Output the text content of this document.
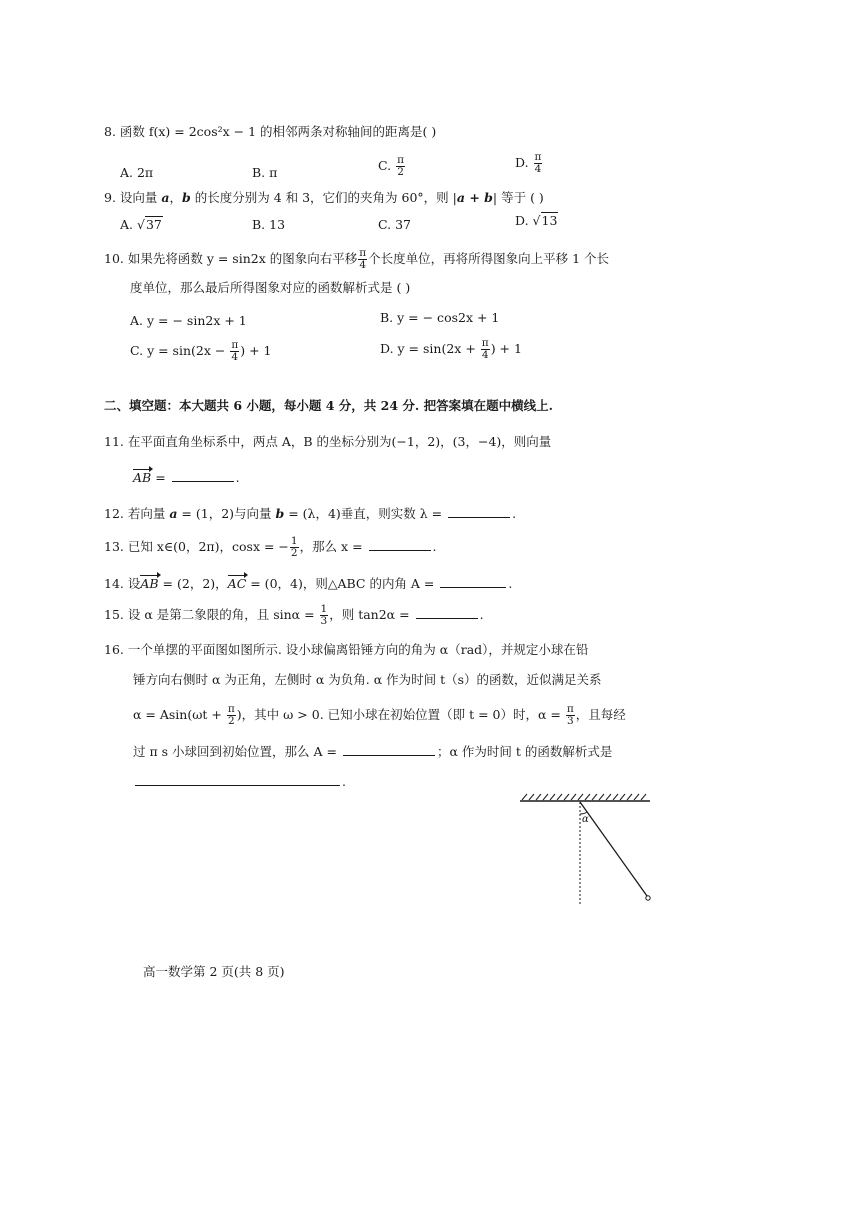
8. 函数 f(x) = 2cos²x − 1 的相邻两条对称轴间的距离是( )
A. 2π	B. π	C. $\frac{\pi}{2}$	D. $\frac{\pi}{4}$
9. 设向量 a，b 的长度分别为 4 和 3，它们的夹角为 60°，则 |a + b| 等于 ( )
A. √37	B. 13	C. 37	D. √13
10. 如果先将函数 y = sin2x 的图象向右平移 $\frac{\pi}{4}$ 个长度单位，再将所得图象向上平移 1 个长
度单位，那么最后所得图象对应的函数解析式是 ( )
A. y = − sin2x + 1	B. y = − cos2x + 1
C. $y = \sin(2x - \frac{\pi}{4}$ ) + 1	D. $y = \sin(2x + \frac{\pi}{4}$ ) + 1
二、填空题：本大题共 6 小题，每小题 4 分，共 24 分. 把答案填在题中横线上.
11. 在平面直角坐标系中，两点 A，B 的坐标分别为(−1，2)，(3，−4)，则向量
AB =	.
12. 若向量 a = (1，2)与向量 b = (λ，4)垂直，则实数 λ =	.
13. 已知 x∈(0，2π)，cosx = − $\frac{1}{2}$ ，那么 x =	.
14. 设AB = (2，2)，AC = (0，4)，则△ABC 的内角 A =	.
15. 设 α 是第二象限的角，且 $\sin\alpha = \frac{1}{3}$ ，则 tan2α =	.
16. 一个单摆的平面图如图所示. 设小球偏离铅锤方向的角为 α（rad），并规定小球在铅
锤方向右侧时 α 为正角，左侧时 α 为负角. α 作为时间 t（s）的函数，近似满足关系
$\alpha = Asin(\omega t + \frac{\pi}{2}$ )，其中 ω > 0. 已知小球在初始位置（即 t = 0）时，$\alpha = \frac{\pi}{3}$ ，且每经
过 π s 小球回到初始位置，那么 A =	；α 作为时间 t 的函数解析式是
.
α
高一数学第 2 页(共 8 页)
